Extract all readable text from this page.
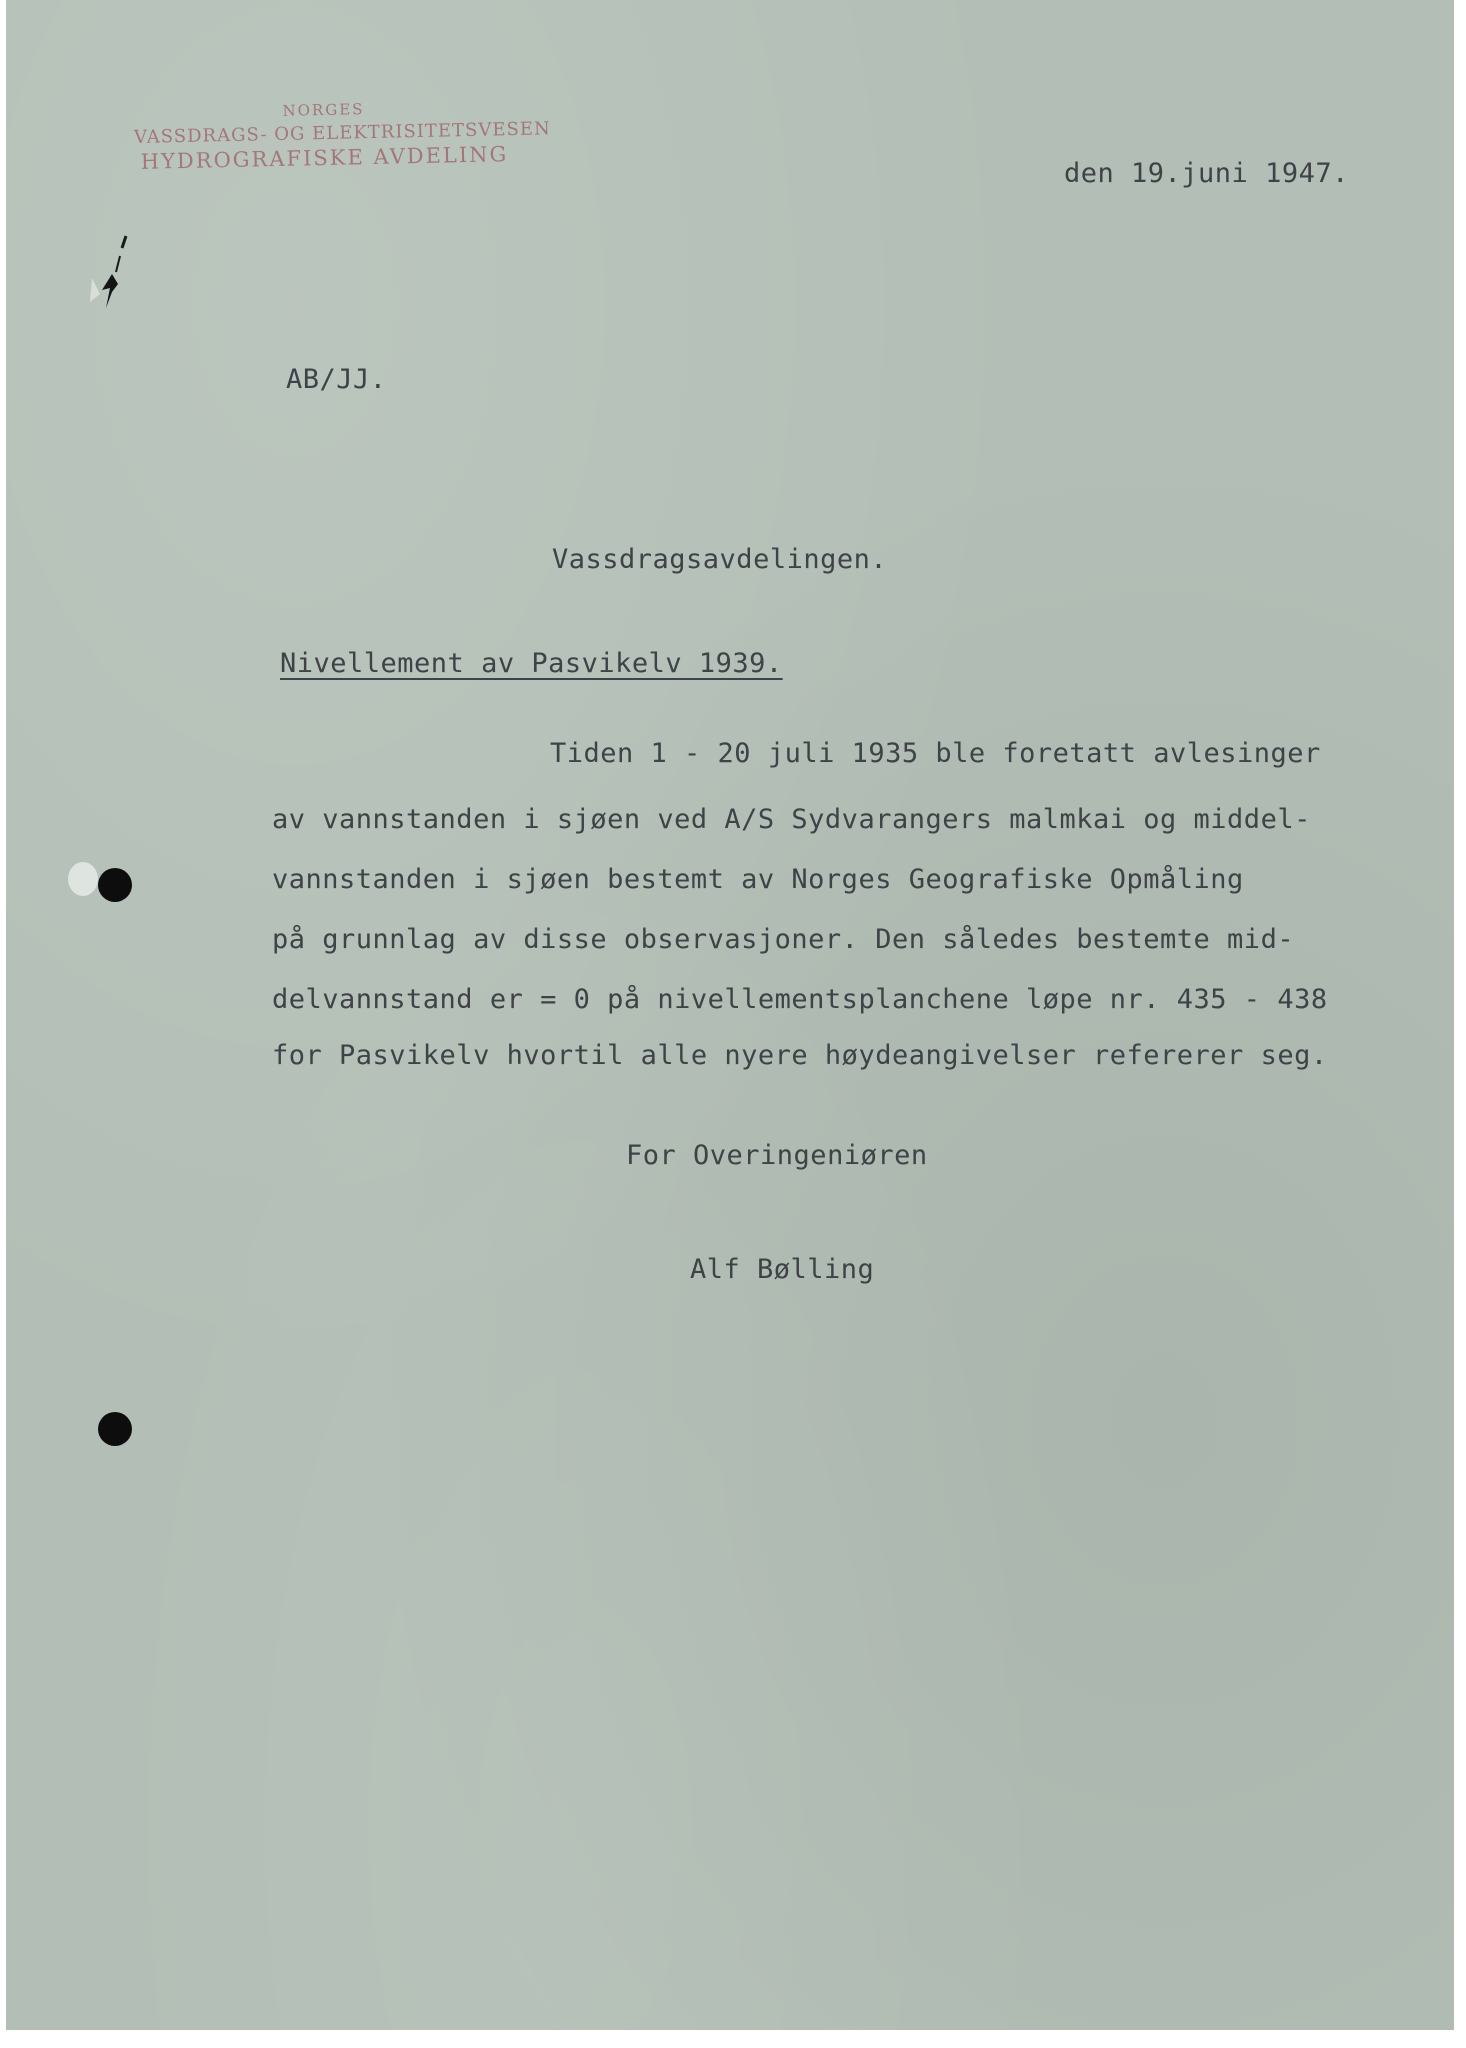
NORGES
VASSDRAGS- OG ELEKTRISITETSVESEN
HYDROGRAFISKE AVDELING	den 19.juni 1947.
AB/JJ.
Vassdragsavdelingen.
Nivellement av Pasvikelv 1939.
Tiden 1 - 20 juli 1935 ble foretatt avlesinger
av vannstanden i sjøen ved A/S Sydvarangers malmkai og middel-
vannstanden i sjøen bestemt av Norges Geografiske Opmåling
på grunnlag av disse observasjoner. Den således bestemte mid-
delvannstand er = 0 på nivellementsplanchene løpe nr. 435 - 438
for Pasvikelv hvortil alle nyere høydeangivelser refererer seg.
For Overingeniøren
Alf Bølling
